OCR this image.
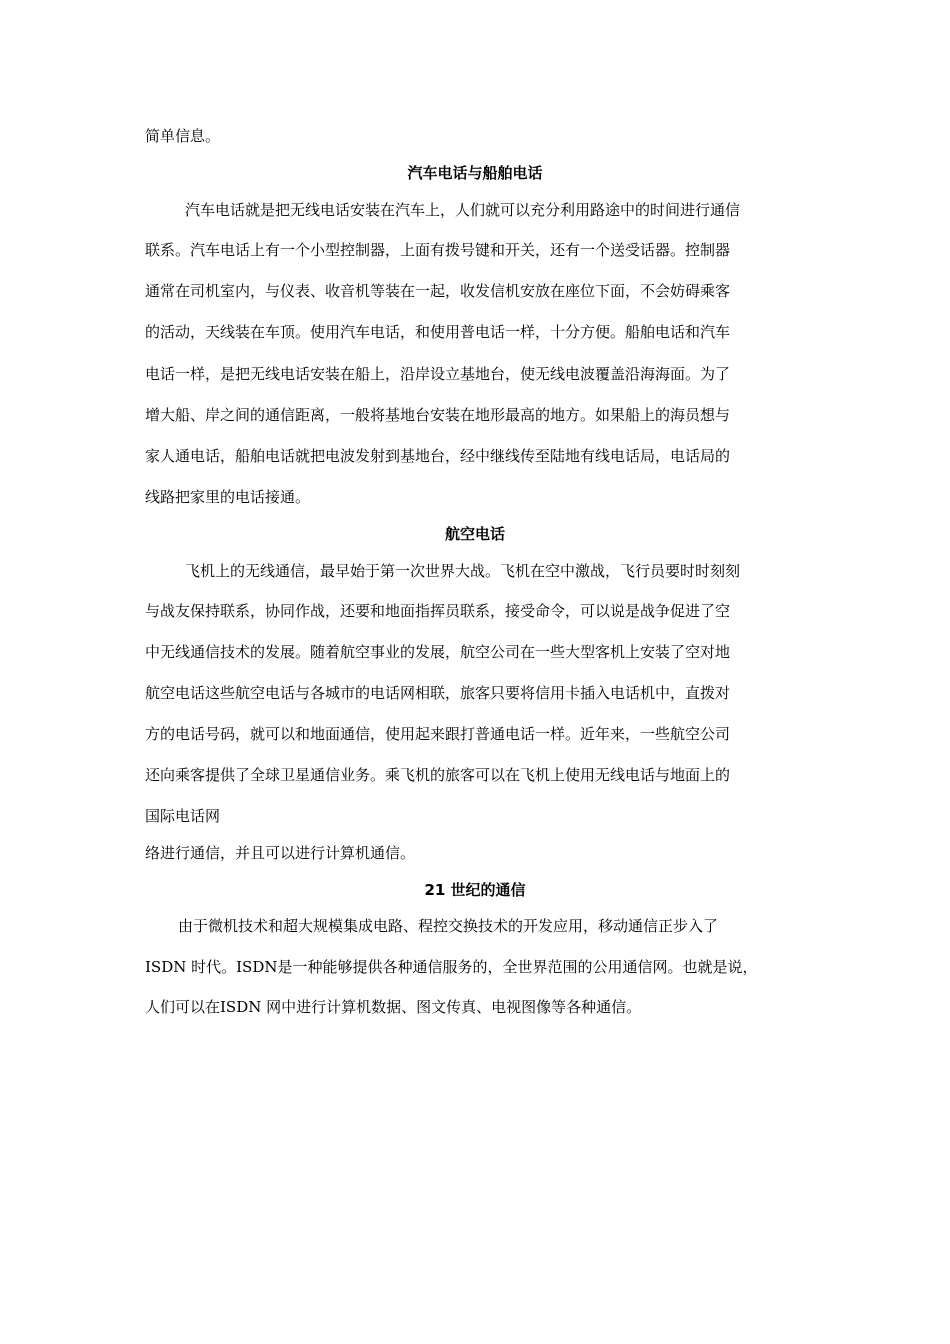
简单信息。
汽车电话与船舶电话
汽车电话就是把无线电话安装在汽车上，人们就可以充分利用路途中的时间进行通信
联系。汽车电话上有一个小型控制器，上面有拨号键和开关，还有一个送受话器。控制器
通常在司机室内，与仪表、收音机等装在一起，收发信机安放在座位下面，不会妨碍乘客
的活动，天线装在车顶。使用汽车电话，和使用普电话一样，十分方便。船舶电话和汽车
电话一样，是把无线电话安装在船上，沿岸设立基地台，使无线电波覆盖沿海海面。为了
增大船、岸之间的通信距离，一般将基地台安装在地形最高的地方。如果船上的海员想与
家人通电话，船舶电话就把电波发射到基地台，经中继线传至陆地有线电话局，电话局的
线路把家里的电话接通。
航空电话
飞机上的无线通信，最早始于第一次世界大战。飞机在空中激战，飞行员要时时刻刻
与战友保持联系，协同作战，还要和地面指挥员联系，接受命令，可以说是战争促进了空
中无线通信技术的发展。随着航空事业的发展，航空公司在一些大型客机上安装了空对地
航空电话这些航空电话与各城市的电话网相联，旅客只要将信用卡插入电话机中，直拨对
方的电话号码，就可以和地面通信，使用起来跟打普通电话一样。近年来，一些航空公司
还向乘客提供了全球卫星通信业务。乘飞机的旅客可以在飞机上使用无线电话与地面上的
国际电话网
络进行通信，并且可以进行计算机通信。
21 世纪的通信
由于微机技术和超大规模集成电路、程控交换技术的开发应用，移动通信正步入了
ISDN 时代。ISDN是一种能够提供各种通信服务的，全世界范围的公用通信网。也就是说，
人们可以在ISDN 网中进行计算机数据、图文传真、电视图像等各种通信。
